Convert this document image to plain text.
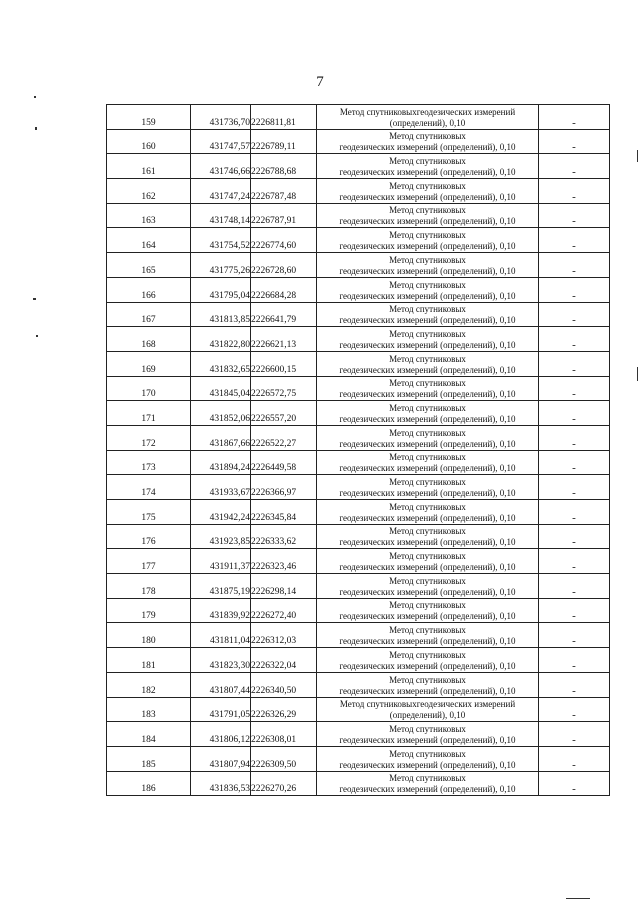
7
159	431736,70	2226811,81	Метод спутниковыхгеодезических измерений
(определений), 0,10	-
160	431747,57	2226789,11	Метод спутниковых
геодезических измерений (определений), 0,10	-
161	431746,66	2226788,68	Метод спутниковых
геодезических измерений (определений), 0,10	-
162	431747,24	2226787,48	Метод спутниковых
геодезических измерений (определений), 0,10	-
163	431748,14	2226787,91	Метод спутниковых
геодезических измерений (определений), 0,10	-
164	431754,52	2226774,60	Метод спутниковых
геодезических измерений (определений), 0,10	-
165	431775,26	2226728,60	Метод спутниковых
геодезических измерений (определений), 0,10	-
166	431795,04	2226684,28	Метод спутниковых
геодезических измерений (определений), 0,10	-
167	431813,85	2226641,79	Метод спутниковых
геодезических измерений (определений), 0,10	-
168	431822,80	2226621,13	Метод спутниковых
геодезических измерений (определений), 0,10	-
169	431832,65	2226600,15	Метод спутниковых
геодезических измерений (определений), 0,10	-
170	431845,04	2226572,75	Метод спутниковых
геодезических измерений (определений), 0,10	-
171	431852,06	2226557,20	Метод спутниковых
геодезических измерений (определений), 0,10	-
172	431867,66	2226522,27	Метод спутниковых
геодезических измерений (определений), 0,10	-
173	431894,24	2226449,58	Метод спутниковых
геодезических измерений (определений), 0,10	-
174	431933,67	2226366,97	Метод спутниковых
геодезических измерений (определений), 0,10	-
175	431942,24	2226345,84	Метод спутниковых
геодезических измерений (определений), 0,10	-
176	431923,85	2226333,62	Метод спутниковых
геодезических измерений (определений), 0,10	-
177	431911,37	2226323,46	Метод спутниковых
геодезических измерений (определений), 0,10	-
178	431875,19	2226298,14	Метод спутниковых
геодезических измерений (определений), 0,10	-
179	431839,92	2226272,40	Метод спутниковых
геодезических измерений (определений), 0,10	-
180	431811,04	2226312,03	Метод спутниковых
геодезических измерений (определений), 0,10	-
181	431823,30	2226322,04	Метод спутниковых
геодезических измерений (определений), 0,10	-
182	431807,44	2226340,50	Метод спутниковых
геодезических измерений (определений), 0,10	-
183	431791,05	2226326,29	Метод спутниковыхгеодезических измерений
(определений), 0,10	-
184	431806,12	2226308,01	Метод спутниковых
геодезических измерений (определений), 0,10	-
185	431807,94	2226309,50	Метод спутниковых
геодезических измерений (определений), 0,10	-
186	431836,53	2226270,26	Метод спутниковых
геодезических измерений (определений), 0,10	-
